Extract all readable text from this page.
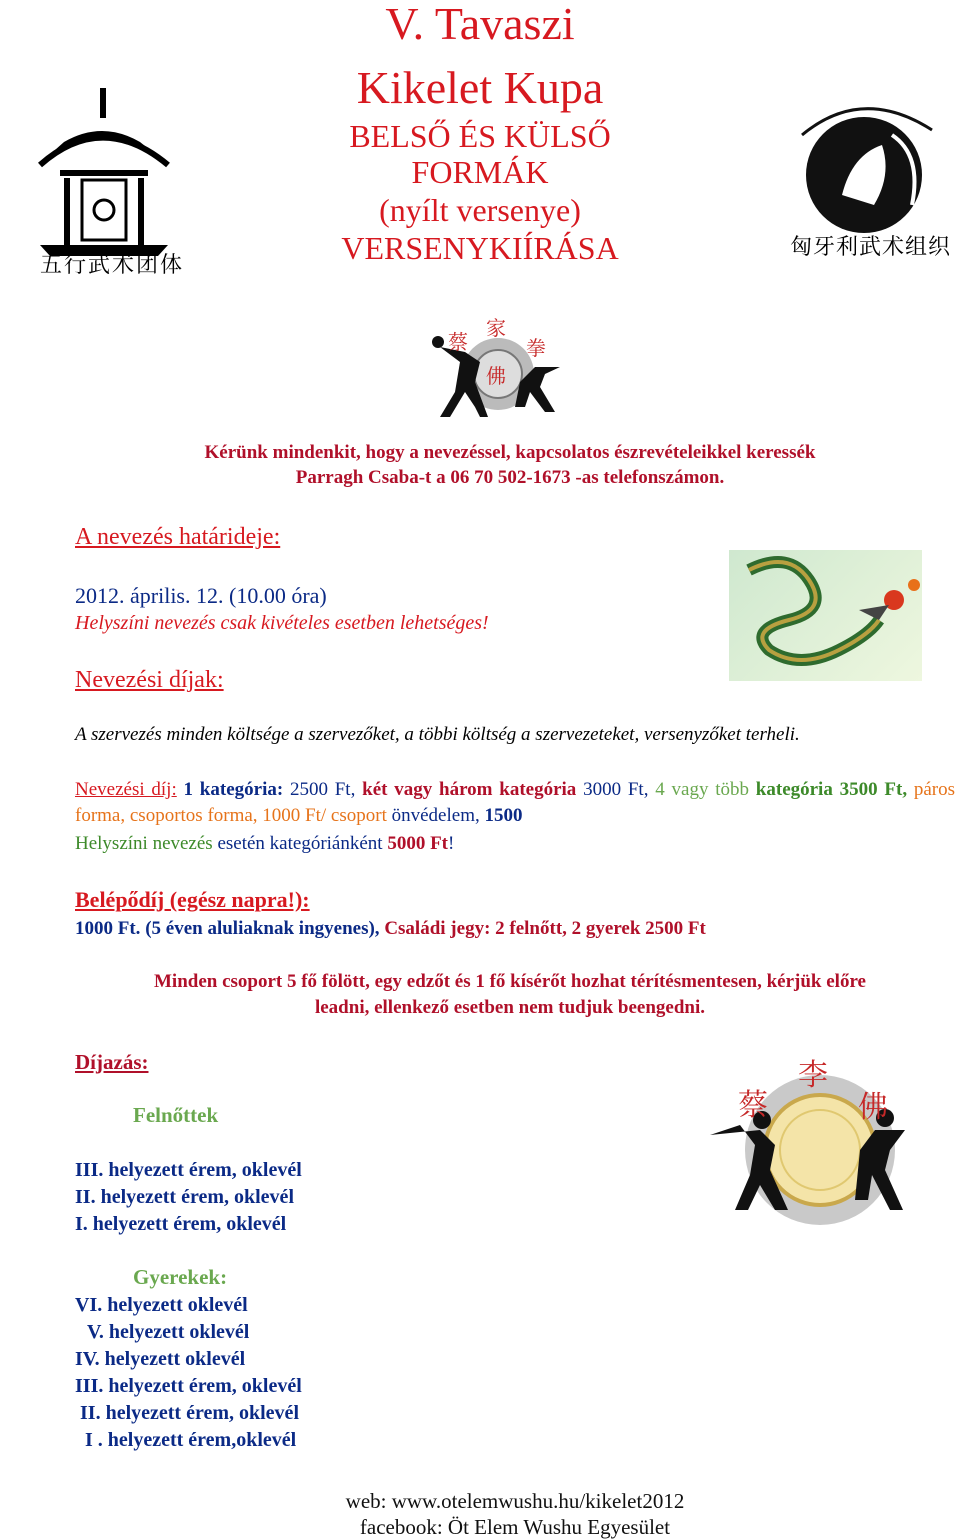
五行武术团体
匈牙利武术组织
V. Tavaszi
Kikelet Kupa
BELSŐ ÉS KÜLSŐ
FORMÁK
(nyílt versenye)
VERSENYKIÍRÁSA
蔡
家
拳
佛
Kérünk mindenkit, hogy a nevezéssel, kapcsolatos észrevételeikkel keressék
Parragh Csaba-t a 06 70 502-1673 -as telefonszámon.
A nevezés határideje:
2012. április. 12. (10.00 óra)
Helyszíni nevezés csak kivételes esetben lehetséges!
Nevezési díjak:
A szervezés minden költsége a szervezőket, a többi költség a szervezeteket, versenyzőket terheli.
Nevezési díj: 1 kategória: 2500 Ft, két vagy három kategória 3000 Ft, 4 vagy több kategória 3500 Ft, páros forma, csoportos forma, 1000 Ft/ csoport önvédelem, 1500
Helyszíni nevezés esetén kategóriánként 5000 Ft!
Belépődíj (egész napra!):
1000 Ft. (5 éven aluliaknak ingyenes), Családi jegy: 2 felnőtt, 2 gyerek 2500 Ft
Minden csoport 5 fő fölött, egy edzőt és 1 fő kísérőt hozhat térítésmentesen, kérjük előre
leadni, ellenkező esetben nem tudjuk beengedni.
Díjazás:
Felnőttek
III. helyezett érem, oklevél
II. helyezett érem, oklevél
I. helyezett érem, oklevél
Gyerekek:
VI. helyezett oklevél
V. helyezett oklevél
IV. helyezett oklevél
III. helyezett érem, oklevél
II. helyezett érem, oklevél
I . helyezett érem,oklevél
蔡
李
佛
web: www.otelemwushu.hu/kikelet2012
facebook: Öt Elem Wushu Egyesület
